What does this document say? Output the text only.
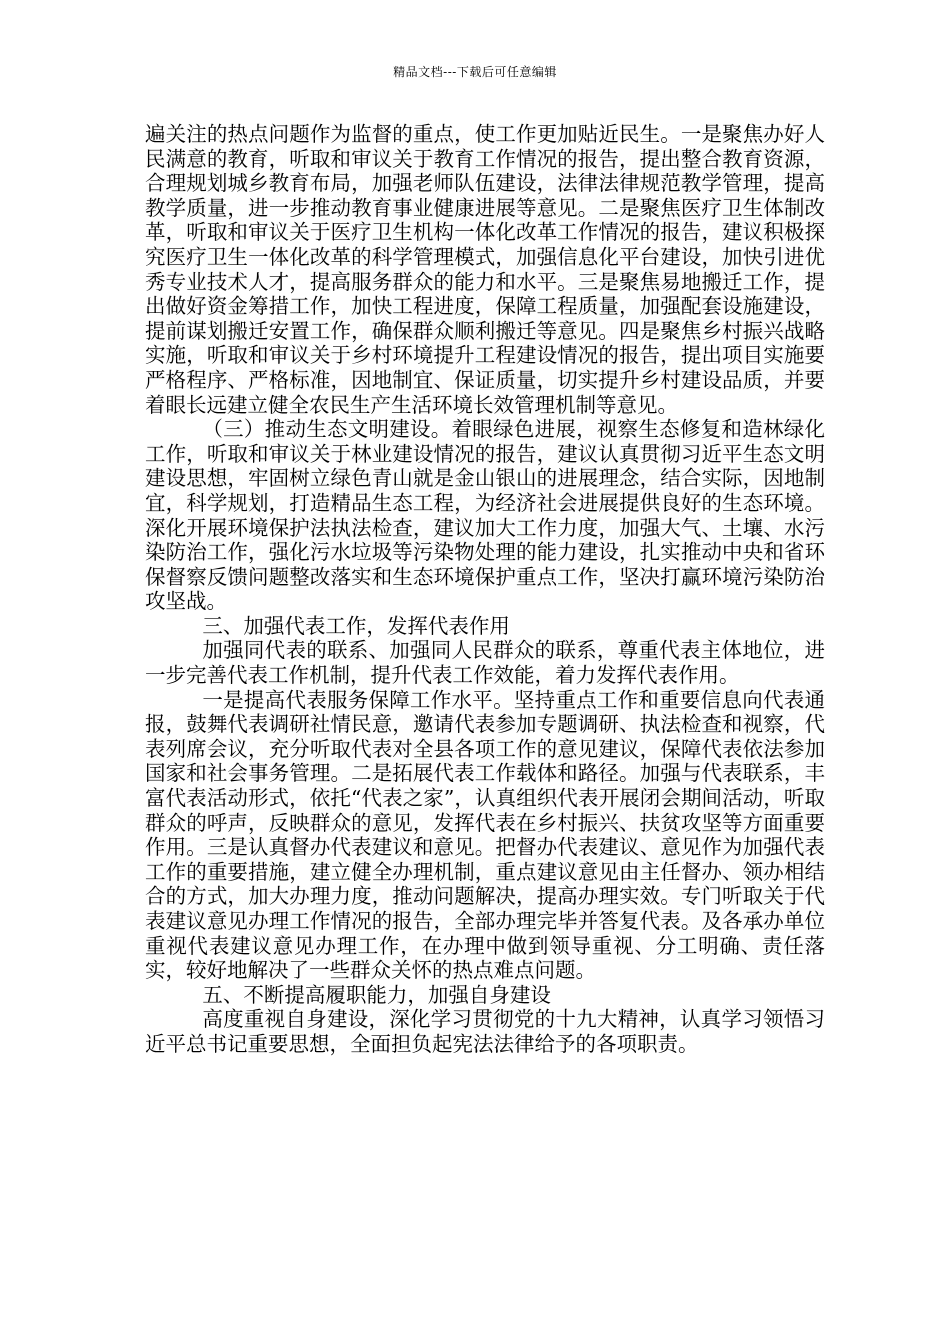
精品文档---下载后可任意编辑

遍关注的热点问题作为监督的重点，使工作更加贴近民生。一是聚焦办好人民满意的教育，听取和审议关于教育工作情况的报告，提出整合教育资源，合理规划城乡教育布局，加强老师队伍建设，法律法律规范教学管理，提高教学质量，进一步推动教育事业健康进展等意见。二是聚焦医疗卫生体制改革，听取和审议关于医疗卫生机构一体化改革工作情况的报告，建议积极探究医疗卫生一体化改革的科学管理模式，加强信息化平台建设，加快引进优秀专业技术人才，提高服务群众的能力和水平。三是聚焦易地搬迁工作，提出做好资金筹措工作，加快工程进度，保障工程质量，加强配套设施建设，提前谋划搬迁安置工作，确保群众顺利搬迁等意见。四是聚焦乡村振兴战略实施，听取和审议关于乡村环境提升工程建设情况的报告，提出项目实施要严格程序、严格标准，因地制宜、保证质量，切实提升乡村建设品质，并要着眼长远建立健全农民生产生活环境长效管理机制等意见。

（三）推动生态文明建设。着眼绿色进展，视察生态修复和造林绿化工作，听取和审议关于林业建设情况的报告，建议认真贯彻习近平生态文明建设思想，牢固树立绿色青山就是金山银山的进展理念，结合实际，因地制宜，科学规划，打造精品生态工程，为经济社会进展提供良好的生态环境。深化开展环境保护法执法检查，建议加大工作力度，加强大气、土壤、水污染防治工作，强化污水垃圾等污染物处理的能力建设，扎实推动中央和省环保督察反馈问题整改落实和生态环境保护重点工作，坚决打赢环境污染防治攻坚战。

三、加强代表工作，发挥代表作用

加强同代表的联系、加强同人民群众的联系，尊重代表主体地位，进一步完善代表工作机制，提升代表工作效能，着力发挥代表作用。

一是提高代表服务保障工作水平。坚持重点工作和重要信息向代表通报，鼓舞代表调研社情民意，邀请代表参加专题调研、执法检查和视察，代表列席会议，充分听取代表对全县各项工作的意见建议，保障代表依法参加国家和社会事务管理。二是拓展代表工作载体和路径。加强与代表联系，丰富代表活动形式，依托“代表之家”，认真组织代表开展闭会期间活动，听取群众的呼声，反映群众的意见，发挥代表在乡村振兴、扶贫攻坚等方面重要作用。三是认真督办代表建议和意见。把督办代表建议、意见作为加强代表工作的重要措施，建立健全办理机制，重点建议意见由主任督办、领办相结合的方式，加大办理力度，推动问题解决，提高办理实效。专门听取关于代表建议意见办理工作情况的报告，全部办理完毕并答复代表。及各承办单位重视代表建议意见办理工作，在办理中做到领导重视、分工明确、责任落实，较好地解决了一些群众关怀的热点难点问题。

五、不断提高履职能力，加强自身建设

高度重视自身建设，深化学习贯彻党的十九大精神，认真学习领悟习近平总书记重要思想，全面担负起宪法法律给予的各项职责。
